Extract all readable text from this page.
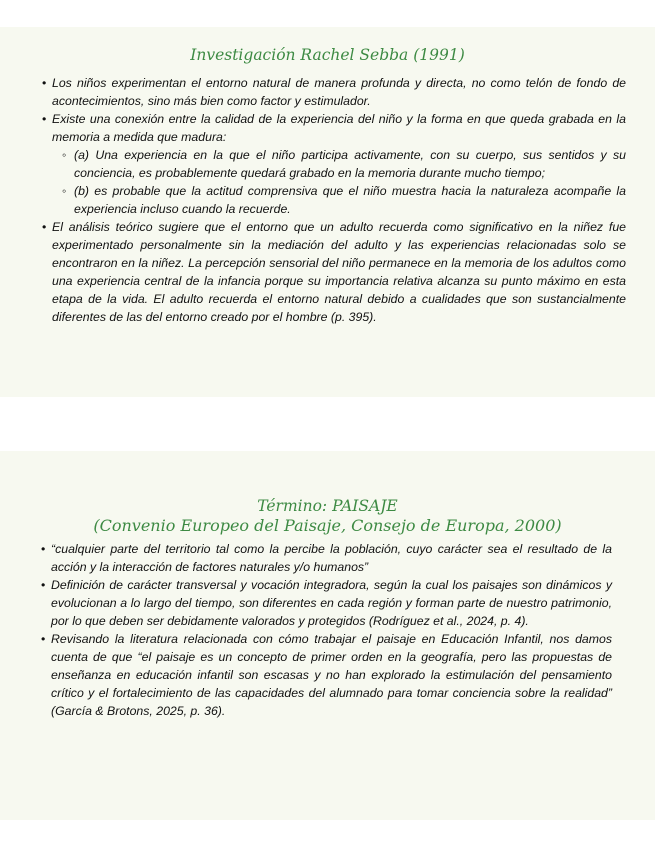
Investigación Rachel Sebba (1991)
• Los niños experimentan el entorno natural de manera profunda y directa, no como telón de fondo de acontecimientos, sino más bien como factor y estimulador.
• Existe una conexión entre la calidad de la experiencia del niño y la forma en que queda grabada en la memoria a medida que madura:
◦ (a) Una experiencia en la que el niño participa activamente, con su cuerpo, sus sentidos y su conciencia, es probablemente quedará grabado en la memoria durante mucho tiempo;
◦ (b) es probable que la actitud comprensiva que el niño muestra hacia la naturaleza acompañe la experiencia incluso cuando la recuerde.
• El análisis teórico sugiere que el entorno que un adulto recuerda como significativo en la niñez fue experimentado personalmente sin la mediación del adulto y las experiencias relacionadas solo se encontraron en la niñez. La percepción sensorial del niño permanece en la memoria de los adultos como una experiencia central de la infancia porque su importancia relativa alcanza su punto máximo en esta etapa de la vida. El adulto recuerda el entorno natural debido a cualidades que son sustancialmente diferentes de las del entorno creado por el hombre (p. 395).
Término: PAISAJE
(Convenio Europeo del Paisaje, Consejo de Europa, 2000)
• “cualquier parte del territorio tal como la percibe la población, cuyo carácter sea el resultado de la acción y la interacción de factores naturales y/o humanos”
• Definición de carácter transversal y vocación integradora, según la cual los paisajes son dinámicos y evolucionan a lo largo del tiempo, son diferentes en cada región y forman parte de nuestro patrimonio, por lo que deben ser debidamente valorados y protegidos (Rodríguez et al., 2024, p. 4).
• Revisando la literatura relacionada con cómo trabajar el paisaje en Educación Infantil, nos damos cuenta de que “el paisaje es un concepto de primer orden en la geografía, pero las propuestas de enseñanza en educación infantil son escasas y no han explorado la estimulación del pensamiento crítico y el fortalecimiento de las capacidades del alumnado para tomar conciencia sobre la realidad” (García & Brotons, 2025, p. 36).
